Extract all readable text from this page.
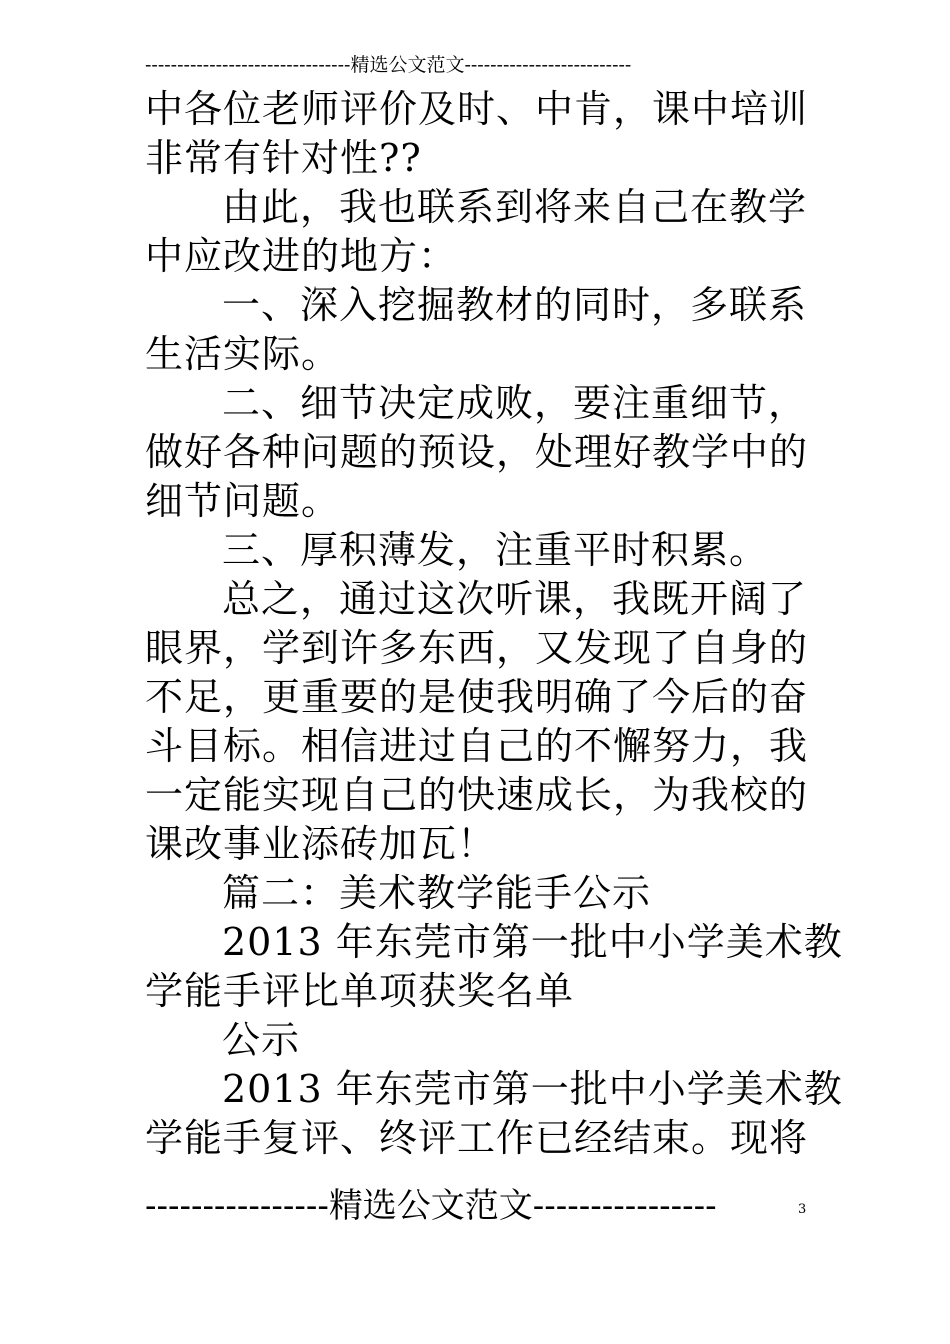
--------------------------------精选公文范文--------------------------
中各位老师评价及时、中肯，课中培训
非常有针对性??
由此，我也联系到将来自己在教学
中应改进的地方：
一、深入挖掘教材的同时，多联系
生活实际。
二、细节决定成败，要注重细节，
做好各种问题的预设，处理好教学中的
细节问题。
三、厚积薄发，注重平时积累。
总之，通过这次听课，我既开阔了
眼界，学到许多东西，又发现了自身的
不足，更重要的是使我明确了今后的奋
斗目标。相信进过自己的不懈努力，我
一定能实现自己的快速成长，为我校的
课改事业添砖加瓦！
篇二：美术教学能手公示
2013 年东莞市第一批中小学美术教
学能手评比单项获奖名单
公示
2013 年东莞市第一批中小学美术教
学能手复评、终评工作已经结束。现将
----------------精选公文范文----------------	3
